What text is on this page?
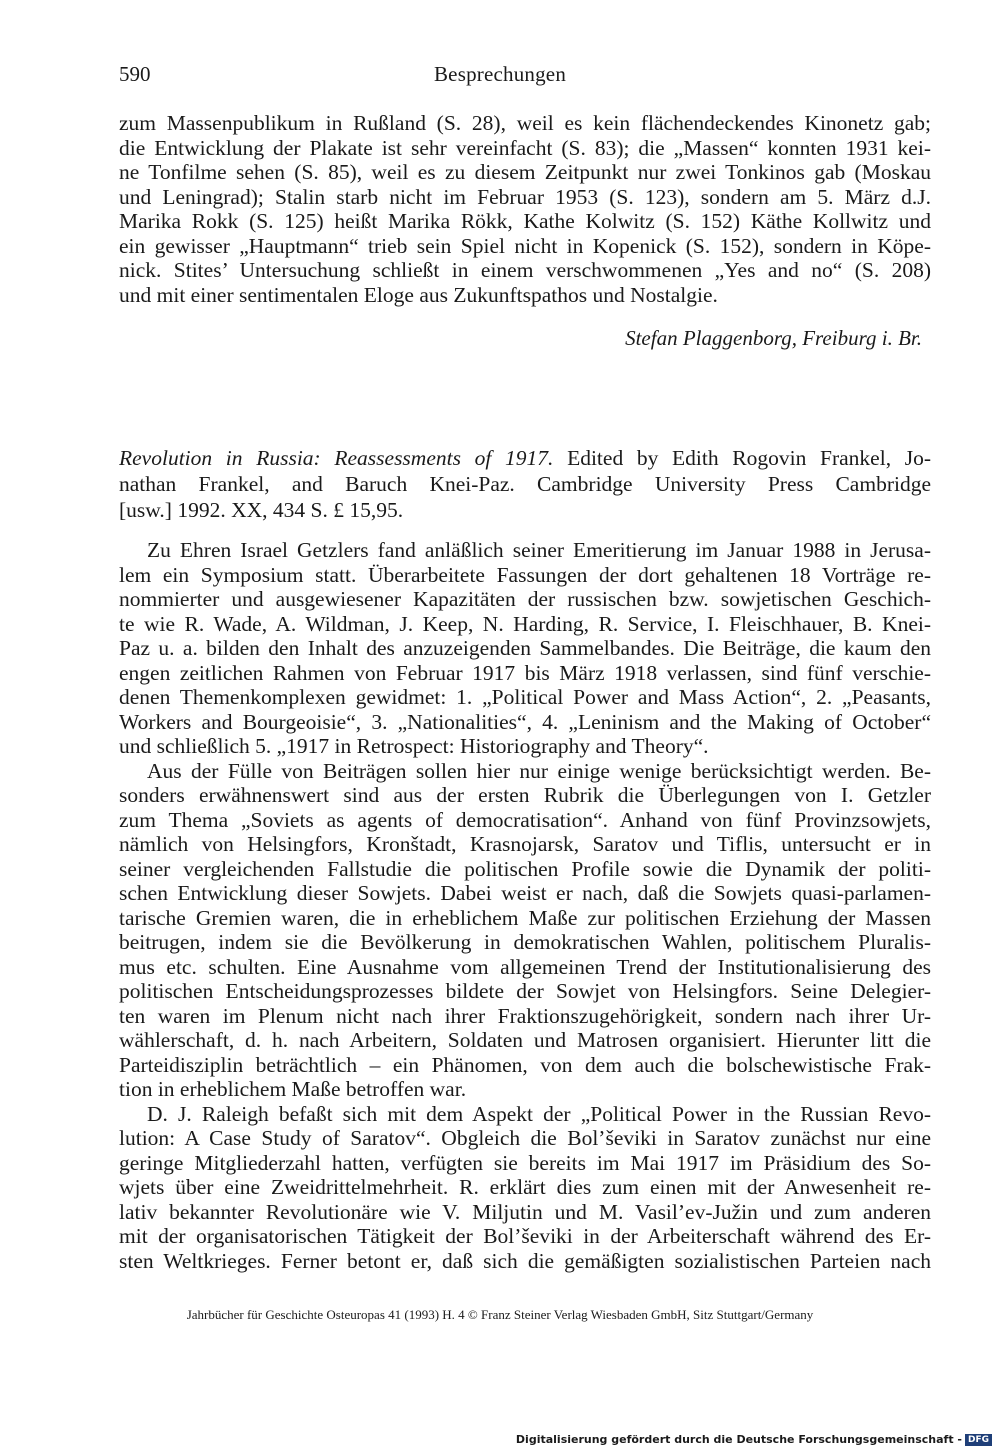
590	Besprechungen
zum Massenpublikum in Rußland (S. 28), weil es kein flächendeckendes Kinonetz gab;
die Entwicklung der Plakate ist sehr vereinfacht (S. 83); die „Massen“ konnten 1931 kei-
ne Tonfilme sehen (S. 85), weil es zu diesem Zeitpunkt nur zwei Tonkinos gab (Moskau
und Leningrad); Stalin starb nicht im Februar 1953 (S. 123), sondern am 5. März d.J.
Marika Rokk (S. 125) heißt Marika Rökk, Kathe Kolwitz (S. 152) Käthe Kollwitz und
ein gewisser „Hauptmann“ trieb sein Spiel nicht in Kopenick (S. 152), sondern in Köpe-
nick. Stites’ Untersuchung schließt in einem verschwommenen „Yes and no“ (S. 208)
und mit einer sentimentalen Eloge aus Zukunftspathos und Nostalgie.
Stefan Plaggenborg, Freiburg i. Br.
Revolution in Russia: Reassessments of 1917. Edited by Edith Rogovin Frankel, Jo-
nathan Frankel, and Baruch Knei-Paz. Cambridge University Press Cambridge
[usw.] 1992. XX, 434 S. £ 15,95.
Zu Ehren Israel Getzlers fand anläßlich seiner Emeritierung im Januar 1988 in Jerusa-
lem ein Symposium statt. Überarbeitete Fassungen der dort gehaltenen 18 Vorträge re-
nommierter und ausgewiesener Kapazitäten der russischen bzw. sowjetischen Geschich-
te wie R. Wade, A. Wildman, J. Keep, N. Harding, R. Service, I. Fleischhauer, B. Knei-
Paz u. a. bilden den Inhalt des anzuzeigenden Sammelbandes. Die Beiträge, die kaum den
engen zeitlichen Rahmen von Februar 1917 bis März 1918 verlassen, sind fünf verschie-
denen Themenkomplexen gewidmet: 1. „Political Power and Mass Action“, 2. „Peasants,
Workers and Bourgeoisie“, 3. „Nationalities“, 4. „Leninism and the Making of October“
und schließlich 5. „1917 in Retrospect: Historiography and Theory“.
Aus der Fülle von Beiträgen sollen hier nur einige wenige berücksichtigt werden. Be-
sonders erwähnenswert sind aus der ersten Rubrik die Überlegungen von I. Getzler
zum Thema „Soviets as agents of democratisation“. Anhand von fünf Provinzsowjets,
nämlich von Helsingfors, Kronštadt, Krasnojarsk, Saratov und Tiflis, untersucht er in
seiner vergleichenden Fallstudie die politischen Profile sowie die Dynamik der politi-
schen Entwicklung dieser Sowjets. Dabei weist er nach, daß die Sowjets quasi-parlamen-
tarische Gremien waren, die in erheblichem Maße zur politischen Erziehung der Massen
beitrugen, indem sie die Bevölkerung in demokratischen Wahlen, politischem Pluralis-
mus etc. schulten. Eine Ausnahme vom allgemeinen Trend der Institutionalisierung des
politischen Entscheidungsprozesses bildete der Sowjet von Helsingfors. Seine Delegier-
ten waren im Plenum nicht nach ihrer Fraktionszugehörigkeit, sondern nach ihrer Ur-
wählerschaft, d. h. nach Arbeitern, Soldaten und Matrosen organisiert. Hierunter litt die
Parteidisziplin beträchtlich – ein Phänomen, von dem auch die bolschewistische Frak-
tion in erheblichem Maße betroffen war.
D. J. Raleigh befaßt sich mit dem Aspekt der „Political Power in the Russian Revo-
lution: A Case Study of Saratov“. Obgleich die Bol’ševiki in Saratov zunächst nur eine
geringe Mitgliederzahl hatten, verfügten sie bereits im Mai 1917 im Präsidium des So-
wjets über eine Zweidrittelmehrheit. R. erklärt dies zum einen mit der Anwesenheit re-
lativ bekannter Revolutionäre wie V. Miljutin und M. Vasil’ev-Južin und zum anderen
mit der organisatorischen Tätigkeit der Bol’ševiki in der Arbeiterschaft während des Er-
sten Weltkrieges. Ferner betont er, daß sich die gemäßigten sozialistischen Parteien nach
Jahrbücher für Geschichte Osteuropas 41 (1993) H. 4 © Franz Steiner Verlag Wiesbaden GmbH, Sitz Stuttgart/Germany
Digitalisierung gefördert durch die Deutsche Forschungsgemeinschaft - DFG
